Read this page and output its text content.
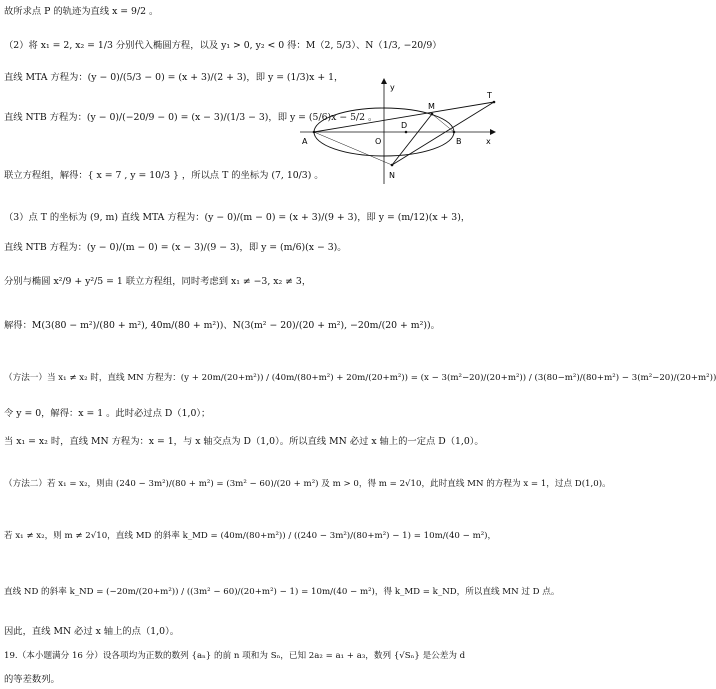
故所求点 P 的轨迹为直线 x = 9/2 。
（2）将 x₁ = 2, x₂ = 1/3 分别代入椭圆方程，以及 y₁ > 0, y₂ < 0 得：M（2, 5/3）、N（1/3, −20/9）
直线 MTA 方程为：(y − 0)/(5/3 − 0) = (x + 3)/(2 + 3)，即 y = (1/3)x + 1，
直线 NTB 方程为：(y − 0)/(−20/9 − 0) = (x − 3)/(1/3 − 3)，即 y = (5/6)x − 5/2 。
联立方程组，解得：{ x = 7 , y = 10/3 } ，所以点 T 的坐标为 (7, 10/3) 。
y
x
A	O	B
M
D
T
N
（3）点 T 的坐标为 (9, m) 直线 MTA 方程为：(y − 0)/(m − 0) = (x + 3)/(9 + 3)，即 y = (m/12)(x + 3)，
直线 NTB 方程为：(y − 0)/(m − 0) = (x − 3)/(9 − 3)，即 y = (m/6)(x − 3)。
分别与椭圆 x²/9 + y²/5 = 1 联立方程组，同时考虑到 x₁ ≠ −3, x₂ ≠ 3，
解得：M(3(80 − m²)/(80 + m²), 40m/(80 + m²))、N(3(m² − 20)/(20 + m²), −20m/(20 + m²))。
（方法一）当 x₁ ≠ x₂ 时，直线 MN 方程为：(y + 20m/(20+m²)) / (40m/(80+m²) + 20m/(20+m²)) = (x − 3(m²−20)/(20+m²)) / (3(80−m²)/(80+m²) − 3(m²−20)/(20+m²))
令 y = 0，解得：x = 1 。此时必过点 D（1,0）；
当 x₁ = x₂ 时，直线 MN 方程为：x = 1，与 x 轴交点为 D（1,0）。所以直线 MN 必过 x 轴上的一定点 D（1,0）。
（方法二）若 x₁ = x₂，则由 (240 − 3m²)/(80 + m²) = (3m² − 60)/(20 + m²) 及 m > 0，得 m = 2√10，此时直线 MN 的方程为 x = 1，过点 D(1,0)。
若 x₁ ≠ x₂，则 m ≠ 2√10，直线 MD 的斜率 k_MD = (40m/(80+m²)) / ((240 − 3m²)/(80+m²) − 1) = 10m/(40 − m²)，
直线 ND 的斜率 k_ND = (−20m/(20+m²)) / ((3m² − 60)/(20+m²) − 1) = 10m/(40 − m²)，得 k_MD = k_ND，所以直线 MN 过 D 点。
因此，直线 MN 必过 x 轴上的点（1,0）。
19.（本小题满分 16 分）设各项均为正数的数列 {aₙ} 的前 n 项和为 Sₙ，已知 2a₂ = a₁ + a₃，数列 {√Sₙ} 是公差为 d
的等差数列。
